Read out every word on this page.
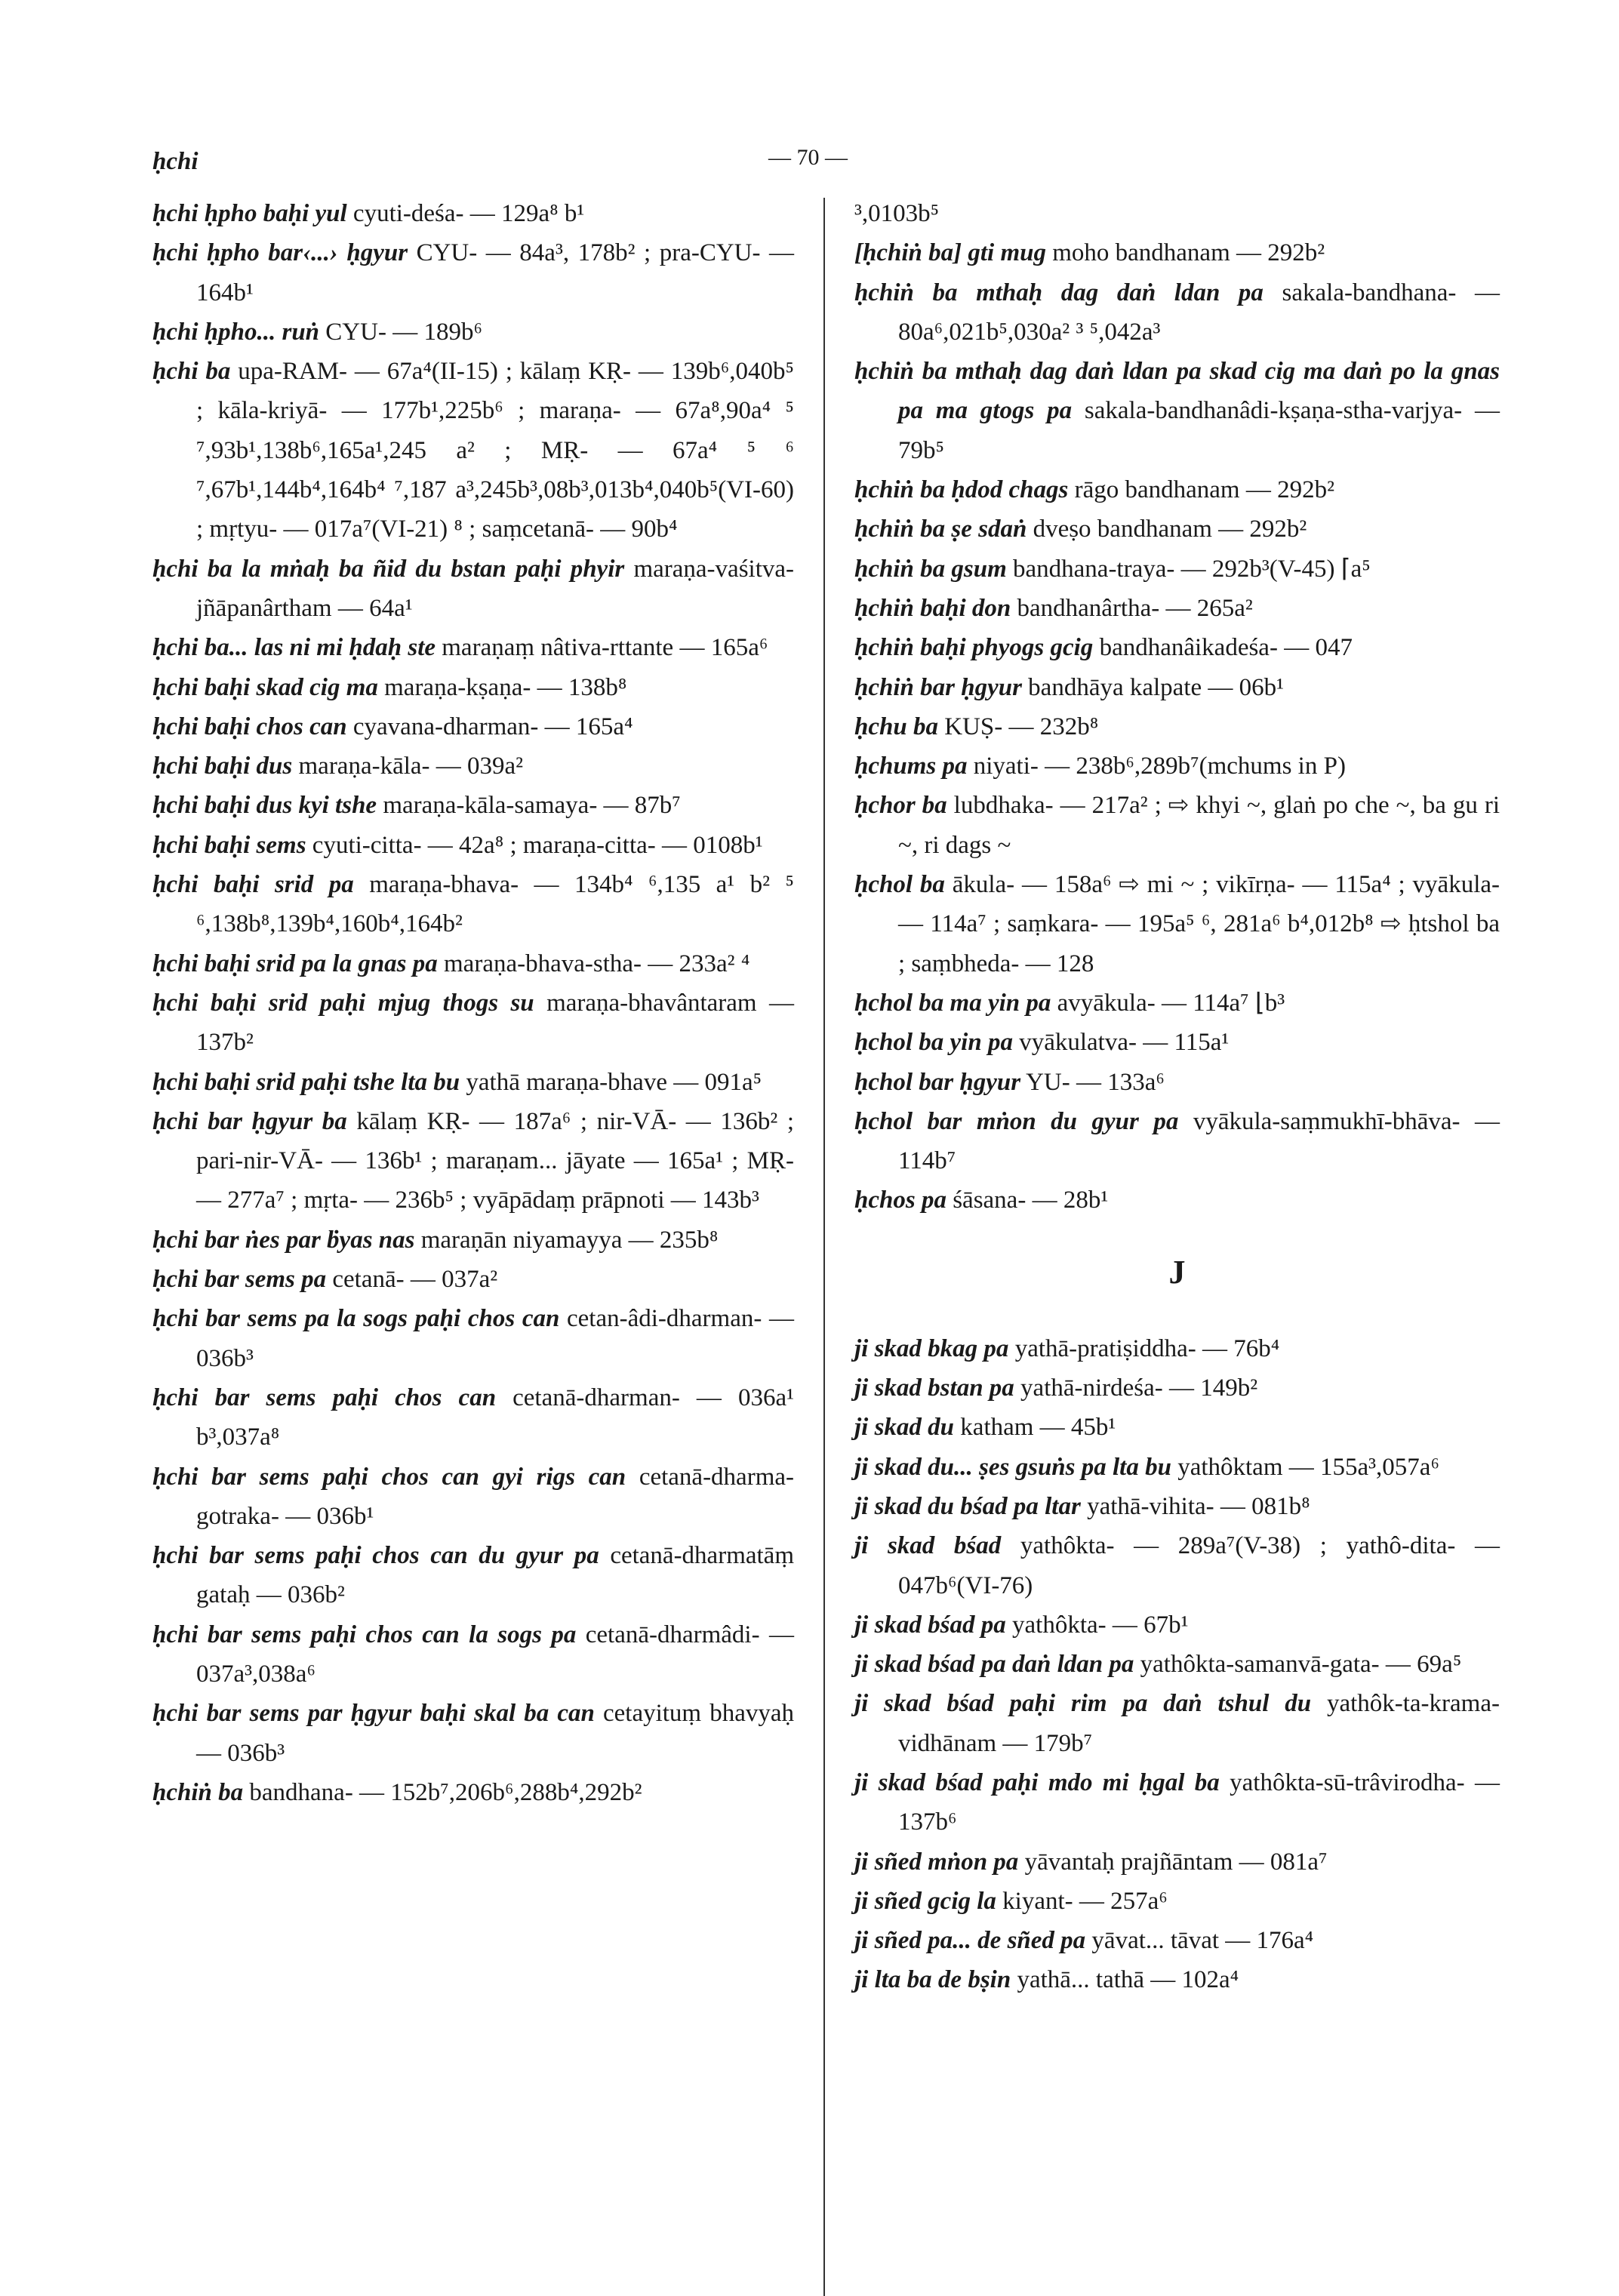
ḥchi	— 70 —

ḥchi ḥpho baḥi yul cyuti-deśa- — 129a⁸ b¹

ḥchi ḥpho bar‹...› ḥgyur CYU- — 84a³, 178b² ; pra-CYU- — 164b¹

ḥchi ḥpho... ruṅ CYU- — 189b⁶

ḥchi ba upa-RAM- — 67a⁴(II-15) ; kālaṃ KṚ- — 139b⁶,040b⁵ ; kāla-kriyā- — 177b¹,225b⁶ ; maraṇa- — 67a⁸,90a⁴ ⁵ ⁷,93b¹,138b⁶,165a¹,245 a² ; MṚ- — 67a⁴ ⁵ ⁶ ⁷,67b¹,144b⁴,164b⁴ ⁷,187 a³,245b³,08b³,013b⁴,040b⁵(VI-60) ; mṛtyu- — 017a⁷(VI-21) ⁸ ; saṃcetanā- — 90b⁴

ḥchi ba la mṅaḥ ba ñid du bstan paḥi phyir maraṇa-vaśitva-jñāpanârtham — 64a¹

ḥchi ba... las ni mi ḥdaḥ ste maraṇaṃ nâtiva-rttante — 165a⁶

ḥchi baḥi skad cig ma maraṇa-kṣaṇa- — 138b⁸

ḥchi baḥi chos can cyavana-dharman- — 165a⁴

ḥchi baḥi dus maraṇa-kāla- — 039a²

ḥchi baḥi dus kyi tshe maraṇa-kāla-samaya- — 87b⁷

ḥchi baḥi sems cyuti-citta- — 42a⁸ ; maraṇa-citta- — 0108b¹

ḥchi baḥi srid pa maraṇa-bhava- — 134b⁴ ⁶,135 a¹ b² ⁵ ⁶,138b⁸,139b⁴,160b⁴,164b²

ḥchi baḥi srid pa la gnas pa maraṇa-bhava-stha- — 233a² ⁴

ḥchi baḥi srid paḥi mjug thogs su maraṇa-bhavântaram — 137b²

ḥchi baḥi srid paḥi tshe lta bu yathā maraṇa-bhave — 091a⁵

ḥchi bar ḥgyur ba kālaṃ KṚ- — 187a⁶ ; nir-VĀ- — 136b² ; pari-nir-VĀ- — 136b¹ ; maraṇam... jāyate — 165a¹ ; MṚ- — 277a⁷ ; mṛta- — 236b⁵ ; vyāpādaṃ prāpnoti — 143b³

ḥchi bar ṅes par ḃyas nas maraṇān niyamayya — 235b⁸

ḥchi bar sems pa cetanā- — 037a²

ḥchi bar sems pa la sogs paḥi chos can cetan-âdi-dharman- — 036b³

ḥchi bar sems paḥi chos can cetanā-dharman- — 036a¹ b³,037a⁸

ḥchi bar sems paḥi chos can gyi rigs can cetanā-dharma-gotraka- — 036b¹

ḥchi bar sems paḥi chos can du gyur pa cetanā-dharmatāṃ gataḥ — 036b²

ḥchi bar sems paḥi chos can la sogs pa cetanā-dharmâdi- — 037a³,038a⁶

ḥchi bar sems par ḥgyur baḥi skal ba can cetayituṃ bhavyaḥ — 036b³

ḥchiṅ ba bandhana- — 152b⁷,206b⁶,288b⁴,292b²

³,0103b⁵

[ḥchiṅ ba] gti mug moho bandhanam — 292b²

ḥchiṅ ba mthaḥ dag daṅ ldan pa sakala-bandhana- — 80a⁶,021b⁵,030a² ³ ⁵,042a³

ḥchiṅ ba mthaḥ dag daṅ ldan pa skad cig ma daṅ po la gnas pa ma gtogs pa sakala-bandhanâdi-kṣaṇa-stha-varjya- — 79b⁵

ḥchiṅ ba ḥdod chags rāgo bandhanam — 292b²

ḥchiṅ ba ṣe sdaṅ dveṣo bandhanam — 292b²

ḥchiṅ ba gsum bandhana-traya- — 292b³(V-45) ⌈a⁵

ḥchiṅ baḥi don bandhanârtha- — 265a²

ḥchiṅ baḥi phyogs gcig bandhanâikadeśa- — 047

ḥchiṅ bar ḥgyur bandhāya kalpate — 06b¹

ḥchu ba KUṢ- — 232b⁸

ḥchums pa niyati- — 238b⁶,289b⁷(mchums in P)

ḥchor ba lubdhaka- — 217a² ; ⇨ khyi ~, glaṅ po che ~, ba gu ri ~, ri dags ~

ḥchol ba ākula- — 158a⁶ ⇨ mi ~ ; vikīrṇa- — 115a⁴ ; vyākula- — 114a⁷ ; saṃkara- — 195a⁵ ⁶, 281a⁶ b⁴,012b⁸ ⇨ ḥtshol ba ; saṃbheda- — 128

ḥchol ba ma yin pa avyākula- — 114a⁷ ⌊b³

ḥchol ba yin pa vyākulatva- — 115a¹

ḥchol bar ḥgyur YU- — 133a⁶

ḥchol bar mṅon du gyur pa vyākula-saṃmukhī-bhāva- — 114b⁷

ḥchos pa śāsana- — 28b¹

J

ji skad bkag pa yathā-pratiṣiddha- — 76b⁴

ji skad bstan pa yathā-nirdeśa- — 149b²

ji skad du katham — 45b¹

ji skad du... ṣes gsuṅs pa lta bu yathôktam — 155a³,057a⁶

ji skad du bśad pa ltar yathā-vihita- — 081b⁸

ji skad bśad yathôkta- — 289a⁷(V-38) ; yathô-dita- — 047b⁶(VI-76)

ji skad bśad pa yathôkta- — 67b¹

ji skad bśad pa daṅ ldan pa yathôkta-samanvā-gata- — 69a⁵

ji skad bśad paḥi rim pa daṅ tshul du yathôk-ta-krama-vidhānam — 179b⁷

ji skad bśad paḥi mdo mi ḥgal ba yathôkta-sū-trâvirodha- — 137b⁶

ji sñed mṅon pa yāvantaḥ prajñāntam — 081a⁷

ji sñed gcig la kiyant- — 257a⁶

ji sñed pa... de sñed pa yāvat... tāvat — 176a⁴

ji lta ba de bṣin yathā... tathā — 102a⁴
